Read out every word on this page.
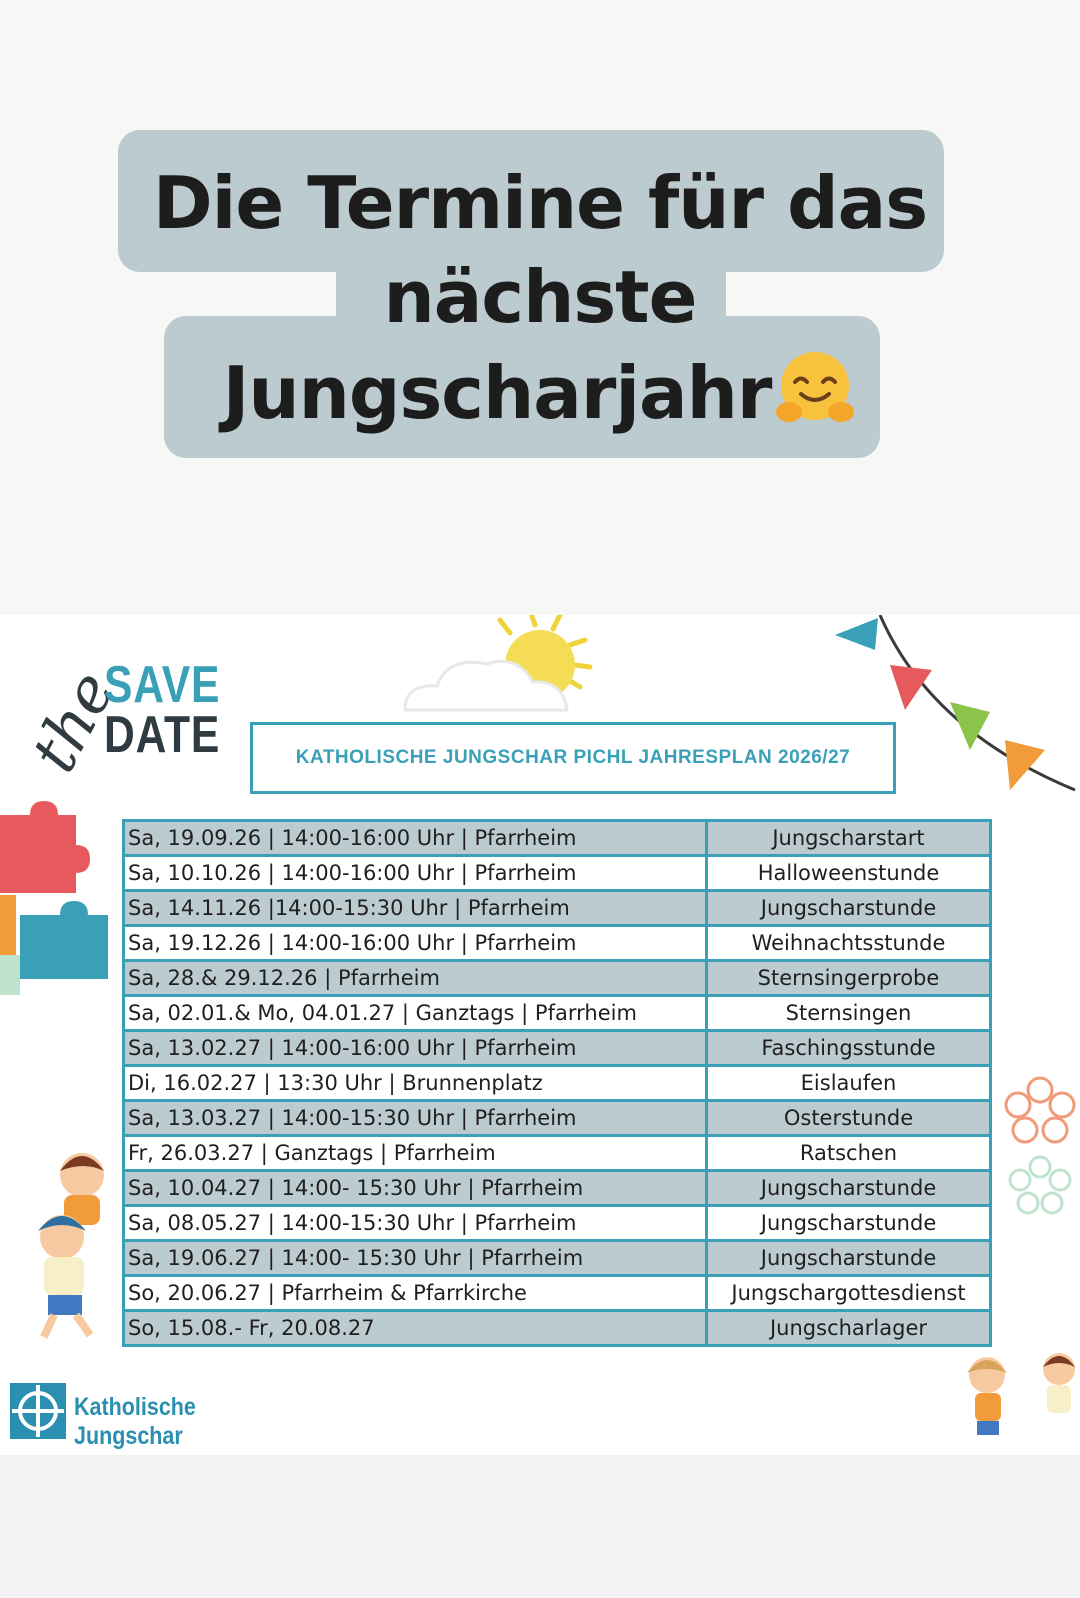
Die Termine für das
nächste
Jungscharjahr
the
SAVE
DATE	KATHOLISCHE JUNGSCHAR PICHL JAHRESPLAN 2026/27
Sa, 19.09.26 | 14:00-16:00 Uhr | Pfarrheim	Jungscharstart
Sa, 10.10.26 | 14:00-16:00 Uhr | Pfarrheim	Halloweenstunde
Sa, 14.11.26 |14:00-15:30 Uhr | Pfarrheim	Jungscharstunde
Sa, 19.12.26 | 14:00-16:00 Uhr | Pfarrheim	Weihnachtsstunde
Sa, 28.& 29.12.26 | Pfarrheim	Sternsingerprobe
Sa, 02.01.& Mo, 04.01.27 | Ganztags | Pfarrheim	Sternsingen
Sa, 13.02.27 | 14:00-16:00 Uhr | Pfarrheim	Faschingsstunde
Di, 16.02.27 | 13:30 Uhr | Brunnenplatz	Eislaufen
Sa, 13.03.27 | 14:00-15:30 Uhr | Pfarrheim	Osterstunde
Fr, 26.03.27 | Ganztags | Pfarrheim	Ratschen
Sa, 10.04.27 | 14:00- 15:30 Uhr | Pfarrheim	Jungscharstunde
Sa, 08.05.27 | 14:00-15:30 Uhr | Pfarrheim	Jungscharstunde
Sa, 19.06.27 | 14:00- 15:30 Uhr | Pfarrheim	Jungscharstunde
So, 20.06.27 | Pfarrheim & Pfarrkirche	Jungschargottesdienst
So, 15.08.- Fr, 20.08.27	Jungscharlager
Katholische Jungschar
